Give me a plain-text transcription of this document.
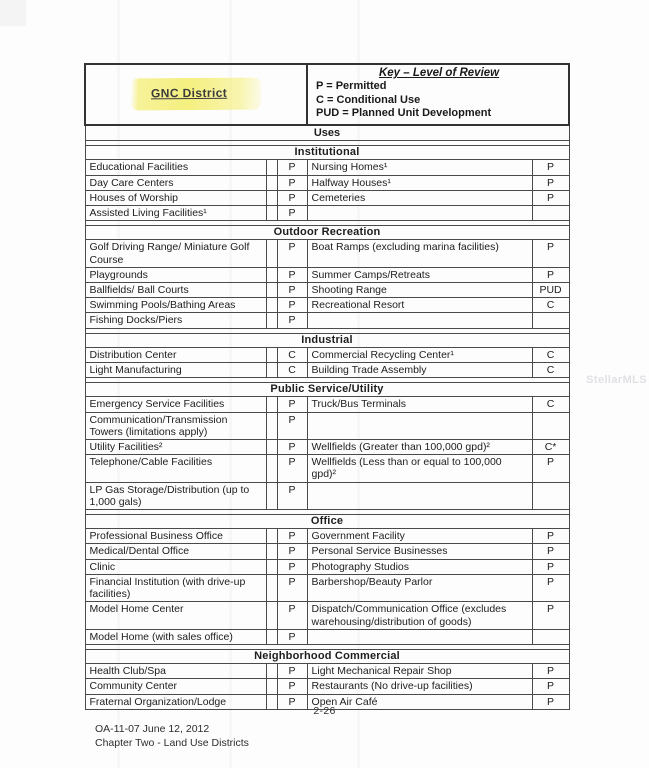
GNC District			Key – Level of Review
P = Permitted
C = Conditional Use
PUD = Planned Unit Development	

Uses				

Institutional				
Educational Facilities		P	Nursing Homes¹	P
Day Care Centers		P	Halfway Houses¹	P
Houses of Worship		P	Cemeteries	P
Assisted Living Facilities¹		P		

Outdoor Recreation				
Golf Driving Range/ Miniature Golf Course		P	Boat Ramps (excluding marina facilities)	P
Playgrounds		P	Summer Camps/Retreats	P
Ballfields/ Ball Courts		P	Shooting Range	PUD
Swimming Pools/Bathing Areas		P	Recreational Resort	C
Fishing Docks/Piers		P		

Industrial				
Distribution Center		C	Commercial Recycling Center¹	C
Light Manufacturing		C	Building Trade Assembly	C

Public Service/Utility				
Emergency Service Facilities		P	Truck/Bus Terminals	C
Communication/Transmission Towers (limitations apply)		P		
Utility Facilities²		P	Wellfields (Greater than 100,000 gpd)²	C*
Telephone/Cable Facilities		P	Wellfields (Less than or equal to 100,000 gpd)²	P
LP Gas Storage/Distribution (up to 1,000 gals)		P		

Office				
Professional Business Office		P	Government Facility	P
Medical/Dental Office		P	Personal Service Businesses	P
Clinic		P	Photography Studios	P
Financial Institution (with drive-up facilities)		P	Barbershop/Beauty Parlor	P
Model Home Center		P	Dispatch/Communication Office (excludes warehousing/distribution of goods)	P
Model Home (with sales office)		P		

Neighborhood Commercial				
Health Club/Spa		P	Light Mechanical Repair Shop	P
Community Center		P	Restaurants (No drive-up facilities)	P
Fraternal Organization/Lodge		P	Open Air Café	P
StellarMLS
2-26
OA-11-07 June 12, 2012
Chapter Two - Land Use Districts
